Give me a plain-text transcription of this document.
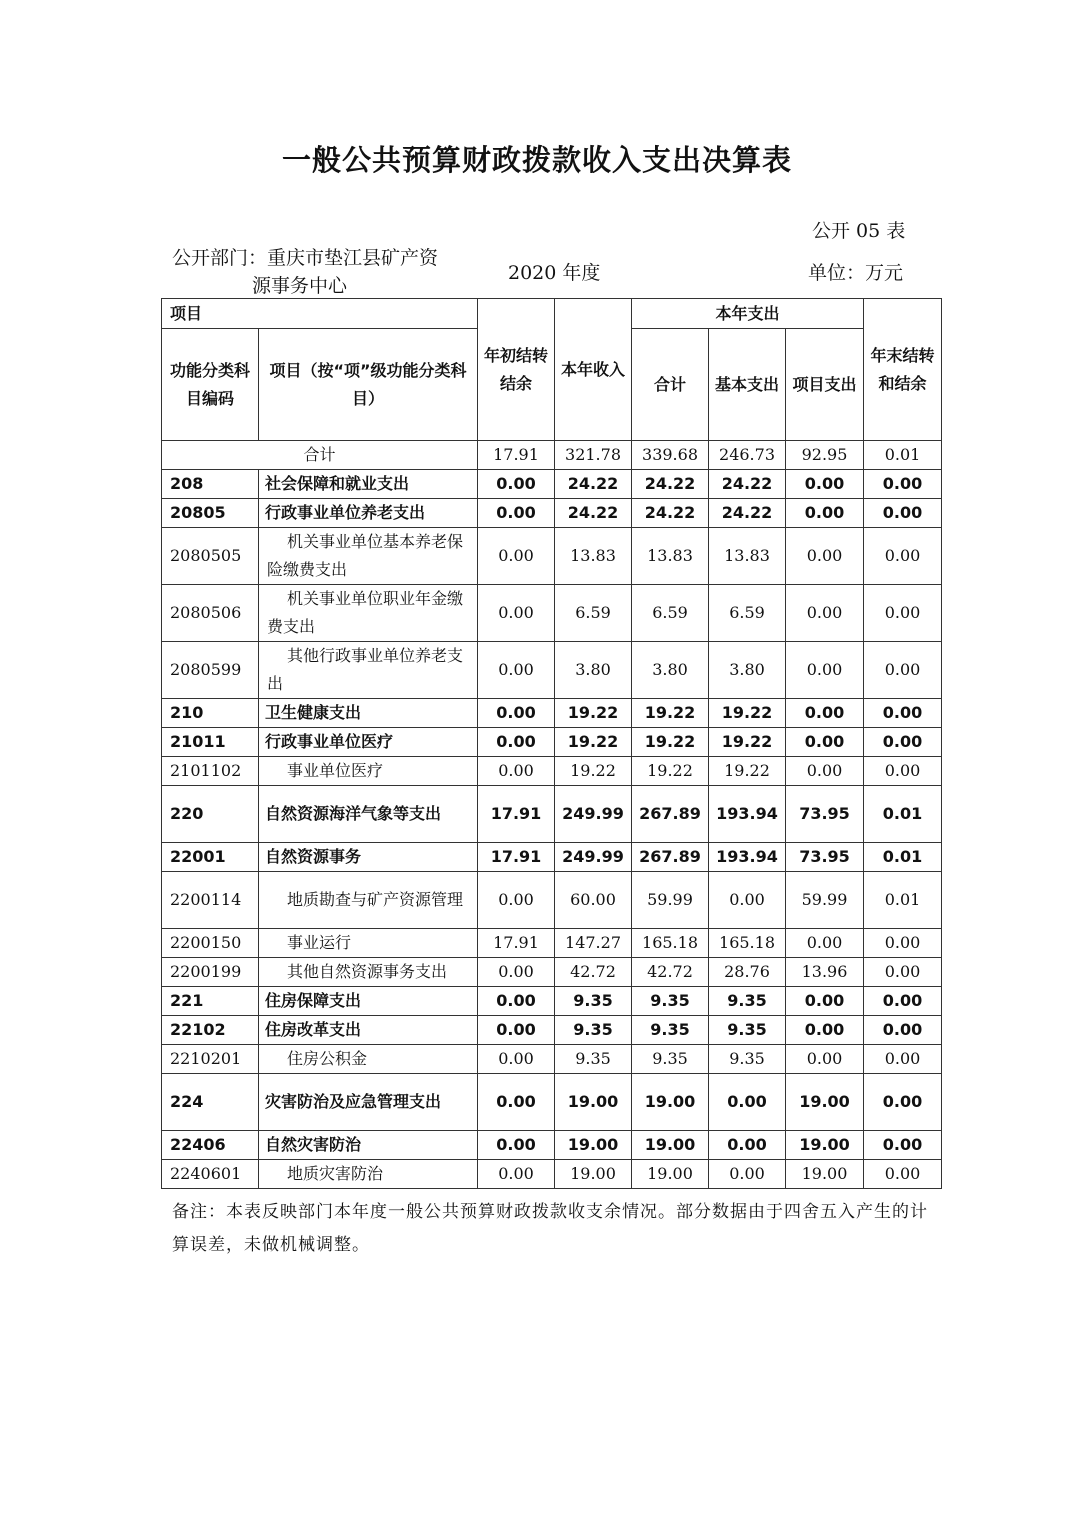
一般公共预算财政拨款收入支出决算表
公开 05 表
公开部门：重庆市垫江县矿产资
源事务中心
2020 年度	单位：万元
项目		年初结转结余	本年收入	本年支出			年末结转和结余
功能分类科目编码	项目（按“项”级功能分类科目）			合计	基本支出	项目支出	
合计		17.91	321.78	339.68	246.73	92.95	0.01
208	社会保障和就业支出	0.00	24.22	24.22	24.22	0.00	0.00
20805	行政事业单位养老支出	0.00	24.22	24.22	24.22	0.00	0.00
2080505	机关事业单位基本养老保险缴费支出	0.00	13.83	13.83	13.83	0.00	0.00
2080506	机关事业单位职业年金缴费支出	0.00	6.59	6.59	6.59	0.00	0.00
2080599	其他行政事业单位养老支出	0.00	3.80	3.80	3.80	0.00	0.00
210	卫生健康支出	0.00	19.22	19.22	19.22	0.00	0.00
21011	行政事业单位医疗	0.00	19.22	19.22	19.22	0.00	0.00
2101102	事业单位医疗	0.00	19.22	19.22	19.22	0.00	0.00
220	自然资源海洋气象等支出	17.91	249.99	267.89	193.94	73.95	0.01
22001	自然资源事务	17.91	249.99	267.89	193.94	73.95	0.01
2200114	地质勘查与矿产资源管理	0.00	60.00	59.99	0.00	59.99	0.01
2200150	事业运行	17.91	147.27	165.18	165.18	0.00	0.00
2200199	其他自然资源事务支出	0.00	42.72	42.72	28.76	13.96	0.00
221	住房保障支出	0.00	9.35	9.35	9.35	0.00	0.00
22102	住房改革支出	0.00	9.35	9.35	9.35	0.00	0.00
2210201	住房公积金	0.00	9.35	9.35	9.35	0.00	0.00
224	灾害防治及应急管理支出	0.00	19.00	19.00	0.00	19.00	0.00
22406	自然灾害防治	0.00	19.00	19.00	0.00	19.00	0.00
2240601	地质灾害防治	0.00	19.00	19.00	0.00	19.00	0.00
备注：本表反映部门本年度一般公共预算财政拨款收支余情况。部分数据由于四舍五入产生的计算误差，未做机械调整。
